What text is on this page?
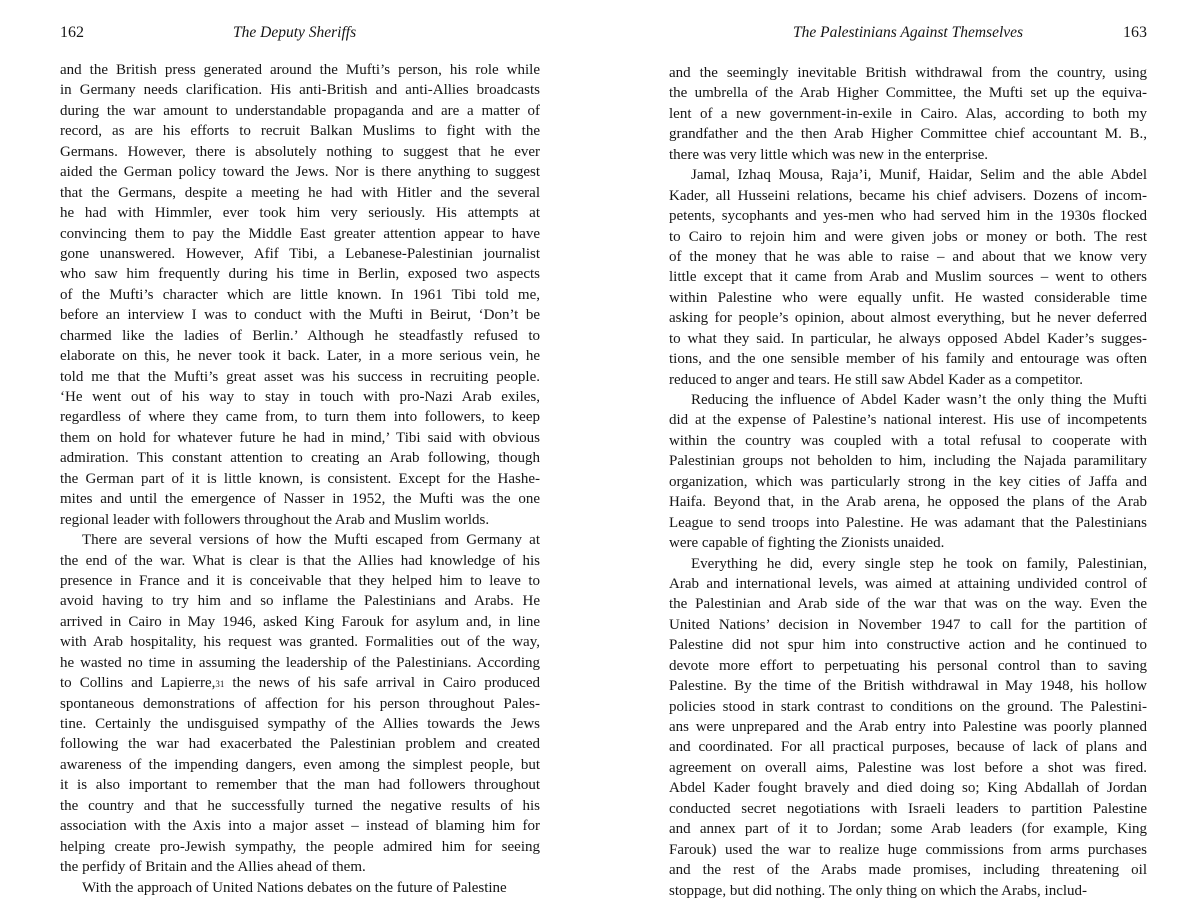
162	The Deputy Sheriffs
and the British press generated around the Mufti’s person, his role while
in Germany needs clarification. His anti-British and anti-Allies broadcasts
during the war amount to understandable propaganda and are a matter of
record, as are his efforts to recruit Balkan Muslims to fight with the
Germans. However, there is absolutely nothing to suggest that he ever
aided the German policy toward the Jews. Nor is there anything to suggest
that the Germans, despite a meeting he had with Hitler and the several
he had with Himmler, ever took him very seriously. His attempts at
convincing them to pay the Middle East greater attention appear to have
gone unanswered. However, Afif Tibi, a Lebanese-Palestinian journalist
who saw him frequently during his time in Berlin, exposed two aspects
of the Mufti’s character which are little known. In 1961 Tibi told me,
before an interview I was to conduct with the Mufti in Beirut, ‘Don’t be
charmed like the ladies of Berlin.’ Although he steadfastly refused to
elaborate on this, he never took it back. Later, in a more serious vein, he
told me that the Mufti’s great asset was his success in recruiting people.
‘He went out of his way to stay in touch with pro-Nazi Arab exiles,
regardless of where they came from, to turn them into followers, to keep
them on hold for whatever future he had in mind,’ Tibi said with obvious
admiration. This constant attention to creating an Arab following, though
the German part of it is little known, is consistent. Except for the Hashe-
mites and until the emergence of Nasser in 1952, the Mufti was the one
regional leader with followers throughout the Arab and Muslim worlds.
There are several versions of how the Mufti escaped from Germany at
the end of the war. What is clear is that the Allies had knowledge of his
presence in France and it is conceivable that they helped him to leave to
avoid having to try him and so inflame the Palestinians and Arabs. He
arrived in Cairo in May 1946, asked King Farouk for asylum and, in line
with Arab hospitality, his request was granted. Formalities out of the way,
he wasted no time in assuming the leadership of the Palestinians. According
to Collins and Lapierre,$^{31}$ the news of his safe arrival in Cairo produced
spontaneous demonstrations of affection for his person throughout Pales-
tine. Certainly the undisguised sympathy of the Allies towards the Jews
following the war had exacerbated the Palestinian problem and created
awareness of the impending dangers, even among the simplest people, but
it is also important to remember that the man had followers throughout
the country and that he successfully turned the negative results of his
association with the Axis into a major asset – instead of blaming him for
helping create pro-Jewish sympathy, the people admired him for seeing
the perfidy of Britain and the Allies ahead of them.
With the approach of United Nations debates on the future of Palestine
The Palestinians Against Themselves	163
and the seemingly inevitable British withdrawal from the country, using
the umbrella of the Arab Higher Committee, the Mufti set up the equiva-
lent of a new government-in-exile in Cairo. Alas, according to both my
grandfather and the then Arab Higher Committee chief accountant M. B.,
there was very little which was new in the enterprise.
Jamal, Izhaq Mousa, Raja’i, Munif, Haidar, Selim and the able Abdel
Kader, all Husseini relations, became his chief advisers. Dozens of incom-
petents, sycophants and yes-men who had served him in the 1930s flocked
to Cairo to rejoin him and were given jobs or money or both. The rest
of the money that he was able to raise – and about that we know very
little except that it came from Arab and Muslim sources – went to others
within Palestine who were equally unfit. He wasted considerable time
asking for people’s opinion, about almost everything, but he never deferred
to what they said. In particular, he always opposed Abdel Kader’s sugges-
tions, and the one sensible member of his family and entourage was often
reduced to anger and tears. He still saw Abdel Kader as a competitor.
Reducing the influence of Abdel Kader wasn’t the only thing the Mufti
did at the expense of Palestine’s national interest. His use of incompetents
within the country was coupled with a total refusal to cooperate with
Palestinian groups not beholden to him, including the Najada paramilitary
organization, which was particularly strong in the key cities of Jaffa and
Haifa. Beyond that, in the Arab arena, he opposed the plans of the Arab
League to send troops into Palestine. He was adamant that the Palestinians
were capable of fighting the Zionists unaided.
Everything he did, every single step he took on family, Palestinian,
Arab and international levels, was aimed at attaining undivided control of
the Palestinian and Arab side of the war that was on the way. Even the
United Nations’ decision in November 1947 to call for the partition of
Palestine did not spur him into constructive action and he continued to
devote more effort to perpetuating his personal control than to saving
Palestine. By the time of the British withdrawal in May 1948, his hollow
policies stood in stark contrast to conditions on the ground. The Palestini-
ans were unprepared and the Arab entry into Palestine was poorly planned
and coordinated. For all practical purposes, because of lack of plans and
agreement on overall aims, Palestine was lost before a shot was fired.
Abdel Kader fought bravely and died doing so; King Abdallah of Jordan
conducted secret negotiations with Israeli leaders to partition Palestine
and annex part of it to Jordan; some Arab leaders (for example, King
Farouk) used the war to realize huge commissions from arms purchases
and the rest of the Arabs made promises, including threatening oil
stoppage, but did nothing. The only thing on which the Arabs, includ-
